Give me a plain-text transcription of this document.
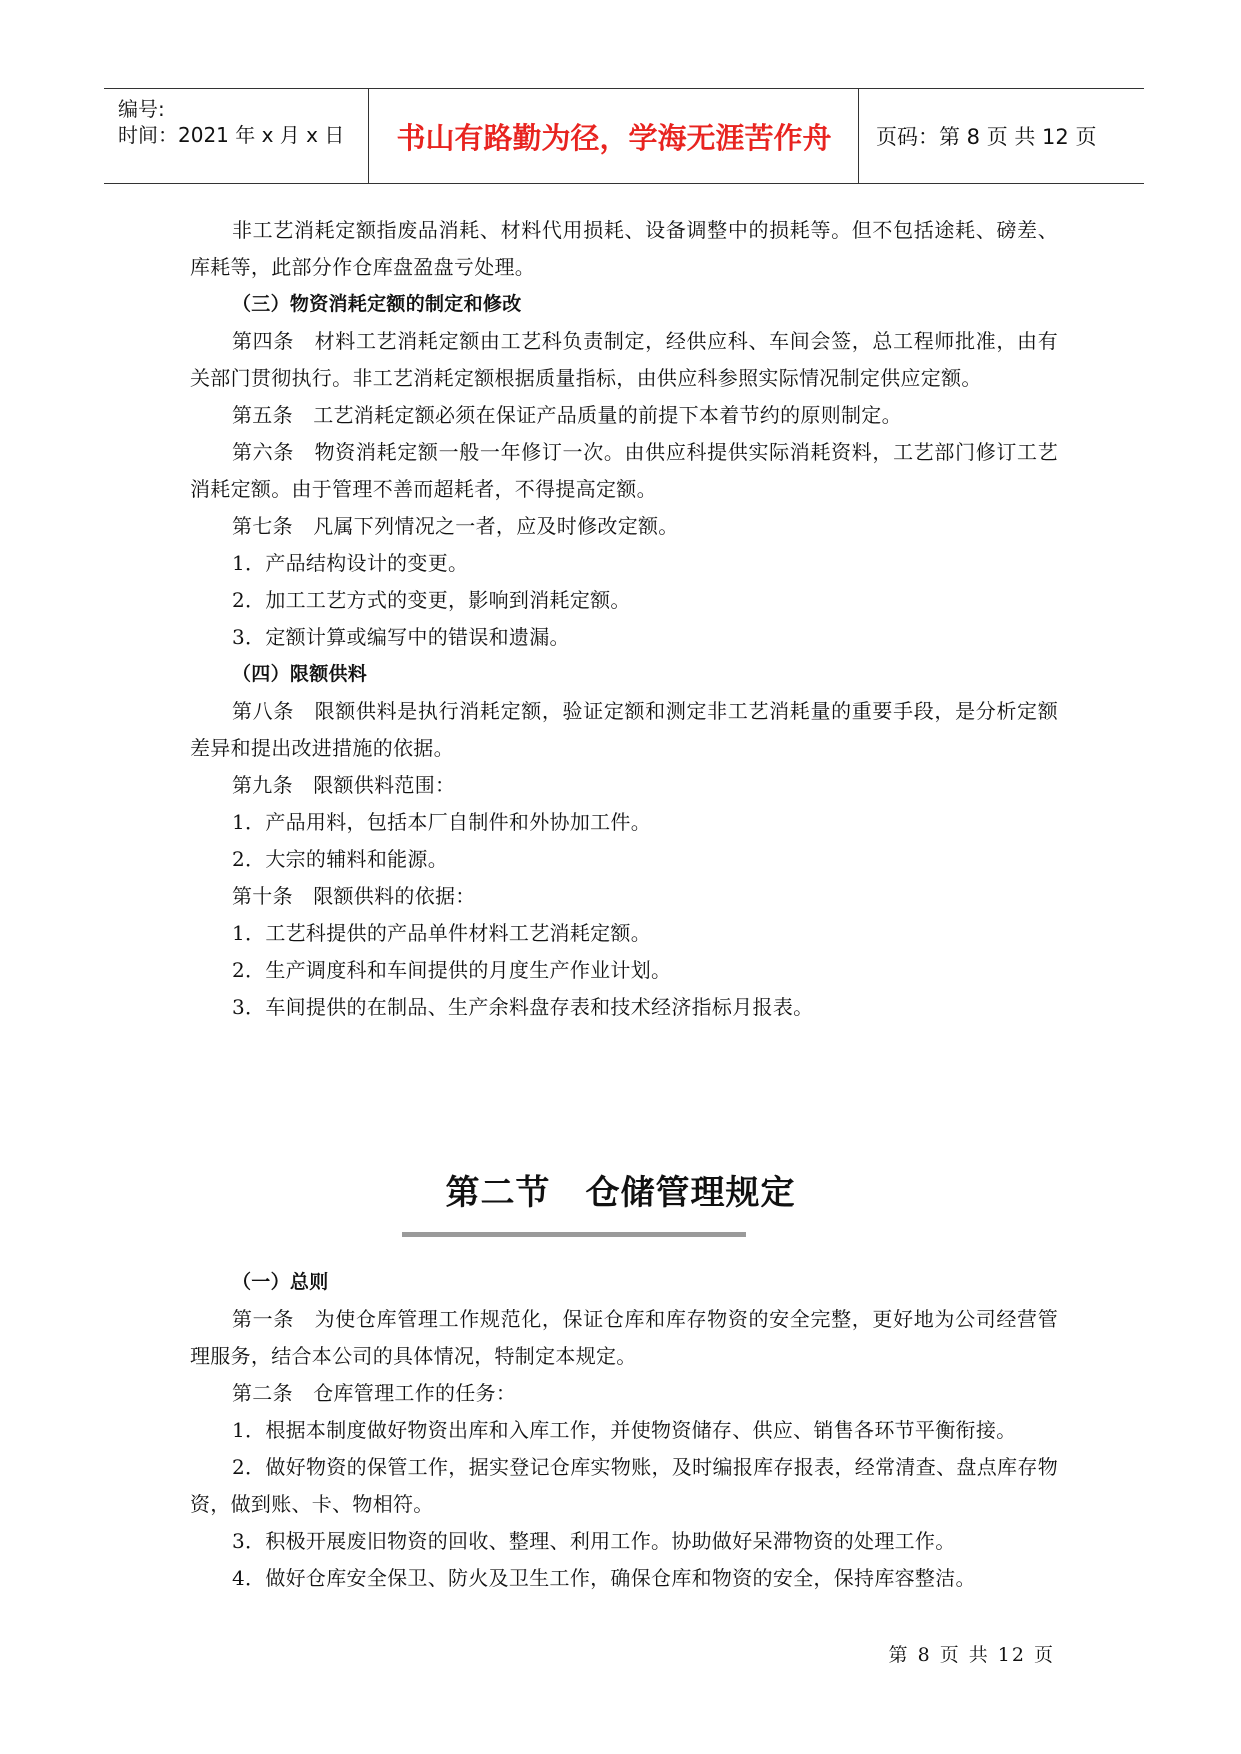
编号:
时间：2021 年 x 月 x 日	书山有路勤为径，学海无涯苦作舟	页码：第 8 页 共 12 页

非工艺消耗定额指废品消耗、材料代用损耗、设备调整中的损耗等。但不包括途耗、磅差、库耗等，此部分作仓库盘盈盘亏处理。

（三）物资消耗定额的制定和修改

第四条　材料工艺消耗定额由工艺科负责制定，经供应科、车间会签，总工程师批准，由有关部门贯彻执行。非工艺消耗定额根据质量指标，由供应科参照实际情况制定供应定额。

第五条　工艺消耗定额必须在保证产品质量的前提下本着节约的原则制定。

第六条　物资消耗定额一般一年修订一次。由供应科提供实际消耗资料，工艺部门修订工艺消耗定额。由于管理不善而超耗者，不得提高定额。

第七条　凡属下列情况之一者，应及时修改定额。

1．产品结构设计的变更。

2．加工工艺方式的变更，影响到消耗定额。

3．定额计算或编写中的错误和遗漏。

（四）限额供料

第八条　限额供料是执行消耗定额，验证定额和测定非工艺消耗量的重要手段，是分析定额差异和提出改进措施的依据。

第九条　限额供料范围：

1．产品用料，包括本厂自制件和外协加工件。

2．大宗的辅料和能源。

第十条　限额供料的依据：

1．工艺科提供的产品单件材料工艺消耗定额。

2．生产调度科和车间提供的月度生产作业计划。

3．车间提供的在制品、生产余料盘存表和技术经济指标月报表。

第二节　仓储管理规定

（一）总则

第一条　为使仓库管理工作规范化，保证仓库和库存物资的安全完整，更好地为公司经营管理服务，结合本公司的具体情况，特制定本规定。

第二条　仓库管理工作的任务：

1．根据本制度做好物资出库和入库工作，并使物资储存、供应、销售各环节平衡衔接。

2．做好物资的保管工作，据实登记仓库实物账，及时编报库存报表，经常清查、盘点库存物资，做到账、卡、物相符。

3．积极开展废旧物资的回收、整理、利用工作。协助做好呆滞物资的处理工作。

4．做好仓库安全保卫、防火及卫生工作，确保仓库和物资的安全，保持库容整洁。

第 8 页 共 12 页
